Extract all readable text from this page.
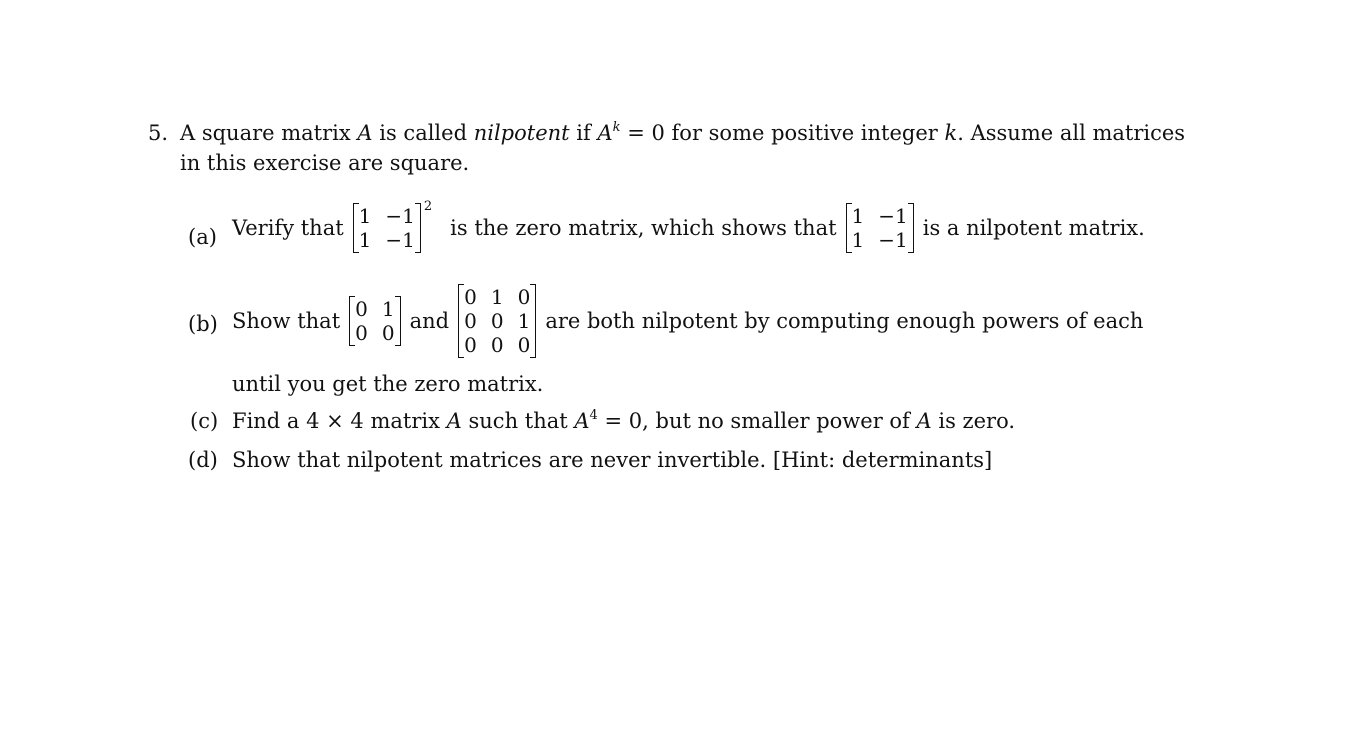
5. A square matrix A is called nilpotent if $A^k = 0$ for some positive integer k. Assume all matrices in this exercise are square.
(a) Verify that 1 −1
1 −1
2
is the zero matrix, which shows that 1 −1
1 −1 is a nilpotent matrix.
(b) Show that 0 1
0 0 and
0 1 0
0 0 1
0 0 0
are both nilpotent by computing enough powers of each
until you get the zero matrix.
(c) Find a 4 × 4 matrix A such that $A^4 = 0$, but no smaller power of A is zero.
(d) Show that nilpotent matrices are never invertible. [Hint: determinants]
